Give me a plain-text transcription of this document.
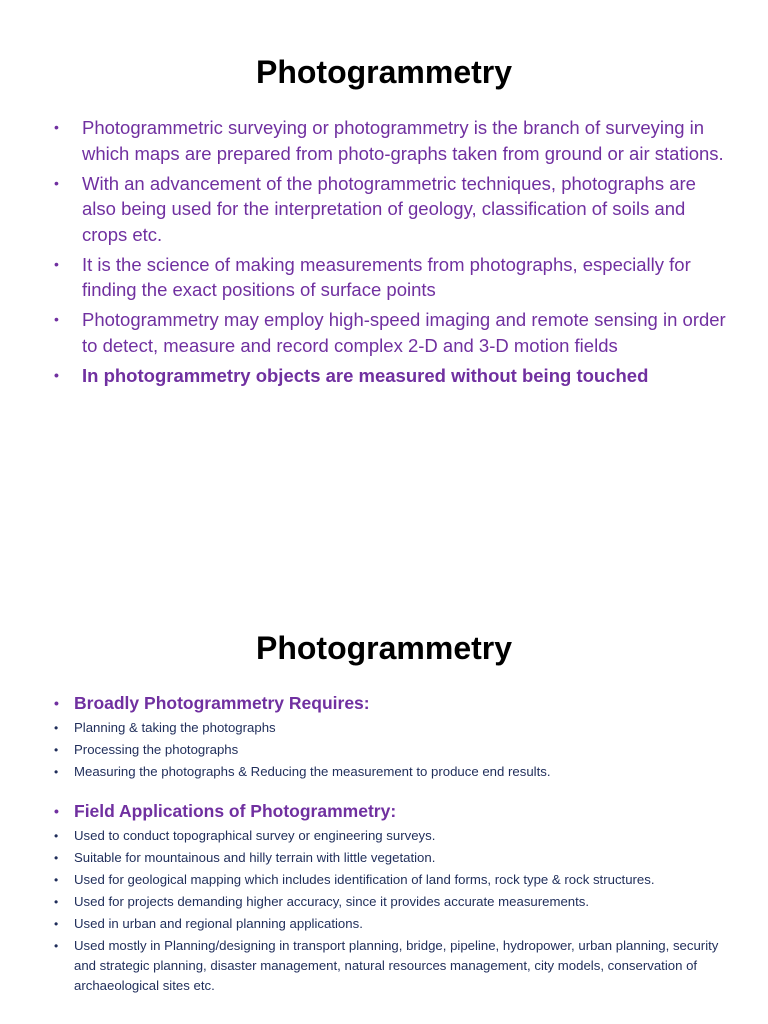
Photogrammetry
• Photogrammetric surveying or photogrammetry is the branch of surveying in which maps are prepared from photo-graphs taken from ground or air stations.
• With an advancement of the photogrammetric techniques, photographs are also being used for the interpretation of geology, classification of soils and crops etc.
• It is the science of making measurements from photographs, especially for finding the exact positions of surface points
• Photogrammetry may employ high-speed imaging and remote sensing in order to detect, measure and record complex 2-D and 3-D motion fields
• In photogrammetry objects are measured without being touched
Photogrammetry
• Broadly Photogrammetry Requires:
• Planning & taking the photographs
• Processing the photographs
• Measuring the photographs & Reducing the measurement to produce end results.
• Field Applications of Photogrammetry:
• Used to conduct topographical survey or engineering surveys.
• Suitable for mountainous and hilly terrain with little vegetation.
• Used for geological mapping which includes identification of land forms, rock type & rock structures.
• Used for projects demanding higher accuracy, since it provides accurate measurements.
• Used in urban and regional planning applications.
• Used mostly in Planning/designing in transport planning, bridge, pipeline, hydropower, urban planning, security and strategic planning, disaster management, natural resources management, city models, conservation of archaeological sites etc.
